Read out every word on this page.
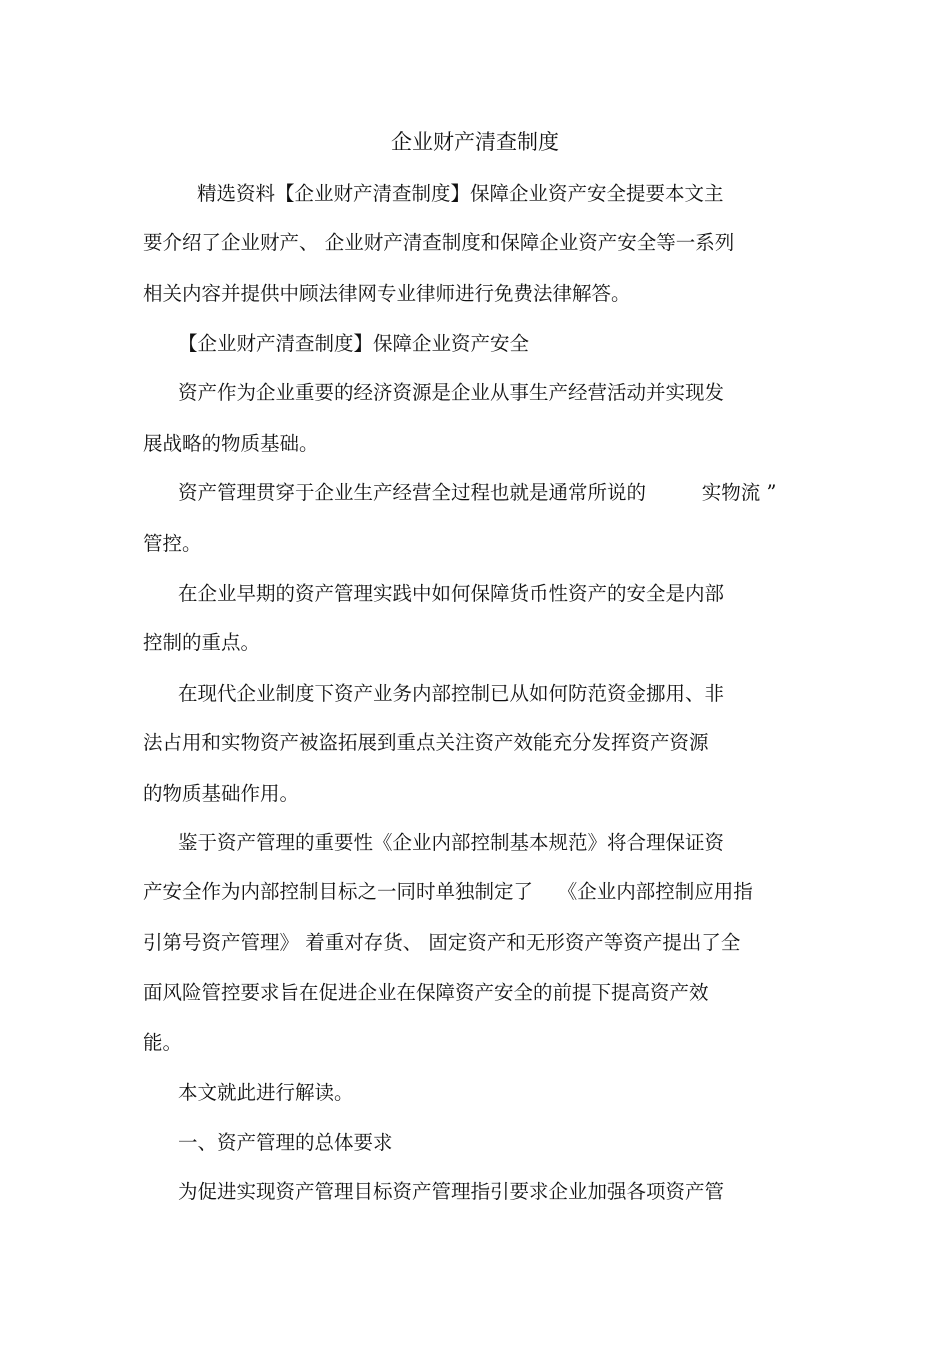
企业财产清查制度
精选资料【企业财产清查制度】保障企业资产安全提要本文主
要介绍了企业财产、 企业财产清查制度和保障企业资产安全等一系列
相关内容并提供中顾法律网专业律师进行免费法律解答。
【企业财产清查制度】保障企业资产安全
资产作为企业重要的经济资源是企业从事生产经营活动并实现发
展战略的物质基础。
资产管理贯穿于企业生产经营全过程也就是通常所说的         实物流 ”
管控。
在企业早期的资产管理实践中如何保障货币性资产的安全是内部
控制的重点。
在现代企业制度下资产业务内部控制已从如何防范资金挪用、非
法占用和实物资产被盗拓展到重点关注资产效能充分发挥资产资源
的物质基础作用。
鉴于资产管理的重要性《企业内部控制基本规范》将合理保证资
产安全作为内部控制目标之一同时单独制定了    《企业内部控制应用指
引第号资产管理》 着重对存货、 固定资产和无形资产等资产提出了全
面风险管控要求旨在促进企业在保障资产安全的前提下提高资产效
能。
本文就此进行解读。
一、资产管理的总体要求
为促进实现资产管理目标资产管理指引要求企业加强各项资产管
